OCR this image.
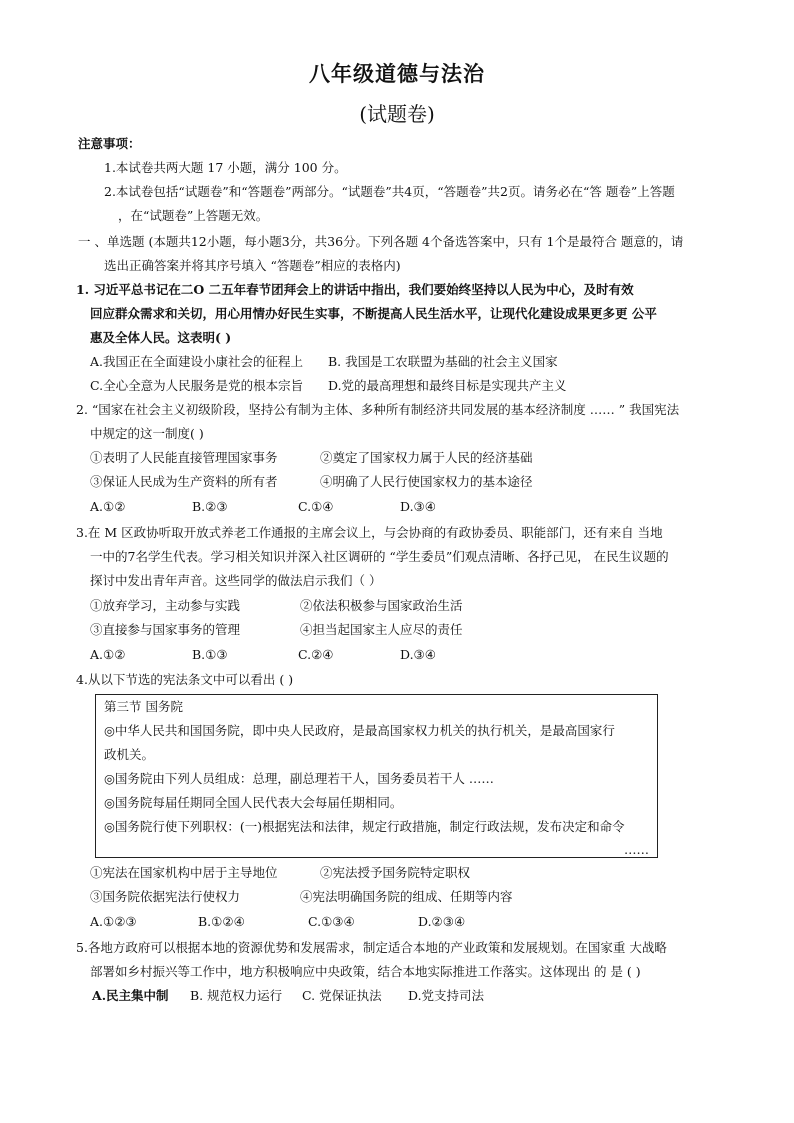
八年级道德与法治
(试题卷)
注意事项：
1.本试卷共两大题 17 小题，满分 100 分。
2.本试卷包括“试题卷”和“答题卷”两部分。“试题卷”共4页，“答题卷”共2页。请务必在“答 题卷”上答题
，在“试题卷”上答题无效。
一 、单选题 (本题共12小题，每小题3分，共36分。下列各题 4个备选答案中，只有 1个是最符合 题意的，请
选出正确答案并将其序号填入 “答题卷”相应的表格内)
1. 习近平总书记在二O 二五年春节团拜会上的讲话中指出，我们要始终坚持以人民为中心，及时有效
回应群众需求和关切，用心用情办好民生实事，不断提高人民生活水平，让现代化建设成果更多更 公平
惠及全体人民。这表明( )
A.我国正在全面建设小康社会的征程上 B. 我国是工农联盟为基础的社会主义国家
C.全心全意为人民服务是党的根本宗旨 D.党的最高理想和最终目标是实现共产主义
2. “国家在社会主义初级阶段，坚持公有制为主体、多种所有制经济共同发展的基本经济制度 …… ” 我国宪法
中规定的这一制度( )
①表明了人民能直接管理国家事务	②奠定了国家权力属于人民的经济基础
③保证人民成为生产资料的所有者	④明确了人民行使国家权力的基本途径
A.①②	B.②③	C.①④	D.③④
3.在 M 区政协听取开放式养老工作通报的主席会议上，与会协商的有政协委员、职能部门，还有来自 当地
一中的7名学生代表。学习相关知识并深入社区调研的 “学生委员”们观点清晰、各抒己见， 在民生议题的
探讨中发出青年声音。这些同学的做法启示我们（ ）
①放弃学习，主动参与实践	②依法积极参与国家政治生活
③直接参与国家事务的管理	④担当起国家主人应尽的责任
A.①②	B.①③	C.②④	D.③④
4.从以下节选的宪法条文中可以看出 ( )
第三节 国务院
◎中华人民共和国国务院，即中央人民政府，是最高国家权力机关的执行机关，是最高国家行
政机关。
◎国务院由下列人员组成：总理，副总理若干人，国务委员若干人 ……
◎国务院每届任期同全国人民代表大会每届任期相同。
◎国务院行使下列职权：(一)根据宪法和法律，规定行政措施，制定行政法规，发布决定和命令
……
①宪法在国家机构中居于主导地位	②宪法授予国务院特定职权
③国务院依据宪法行使权力	④宪法明确国务院的组成、任期等内容
A.①②③	B.①②④	C.①③④	D.②③④
5.各地方政府可以根据本地的资源优势和发展需求，制定适合本地的产业政策和发展规划。在国家重 大战略
部署如乡村振兴等工作中，地方积极响应中央政策，结合本地实际推进工作落实。这体现出 的 是 ( )
A.民主集中制 B. 规范权力运行 C. 党保证执法 D.党支持司法
